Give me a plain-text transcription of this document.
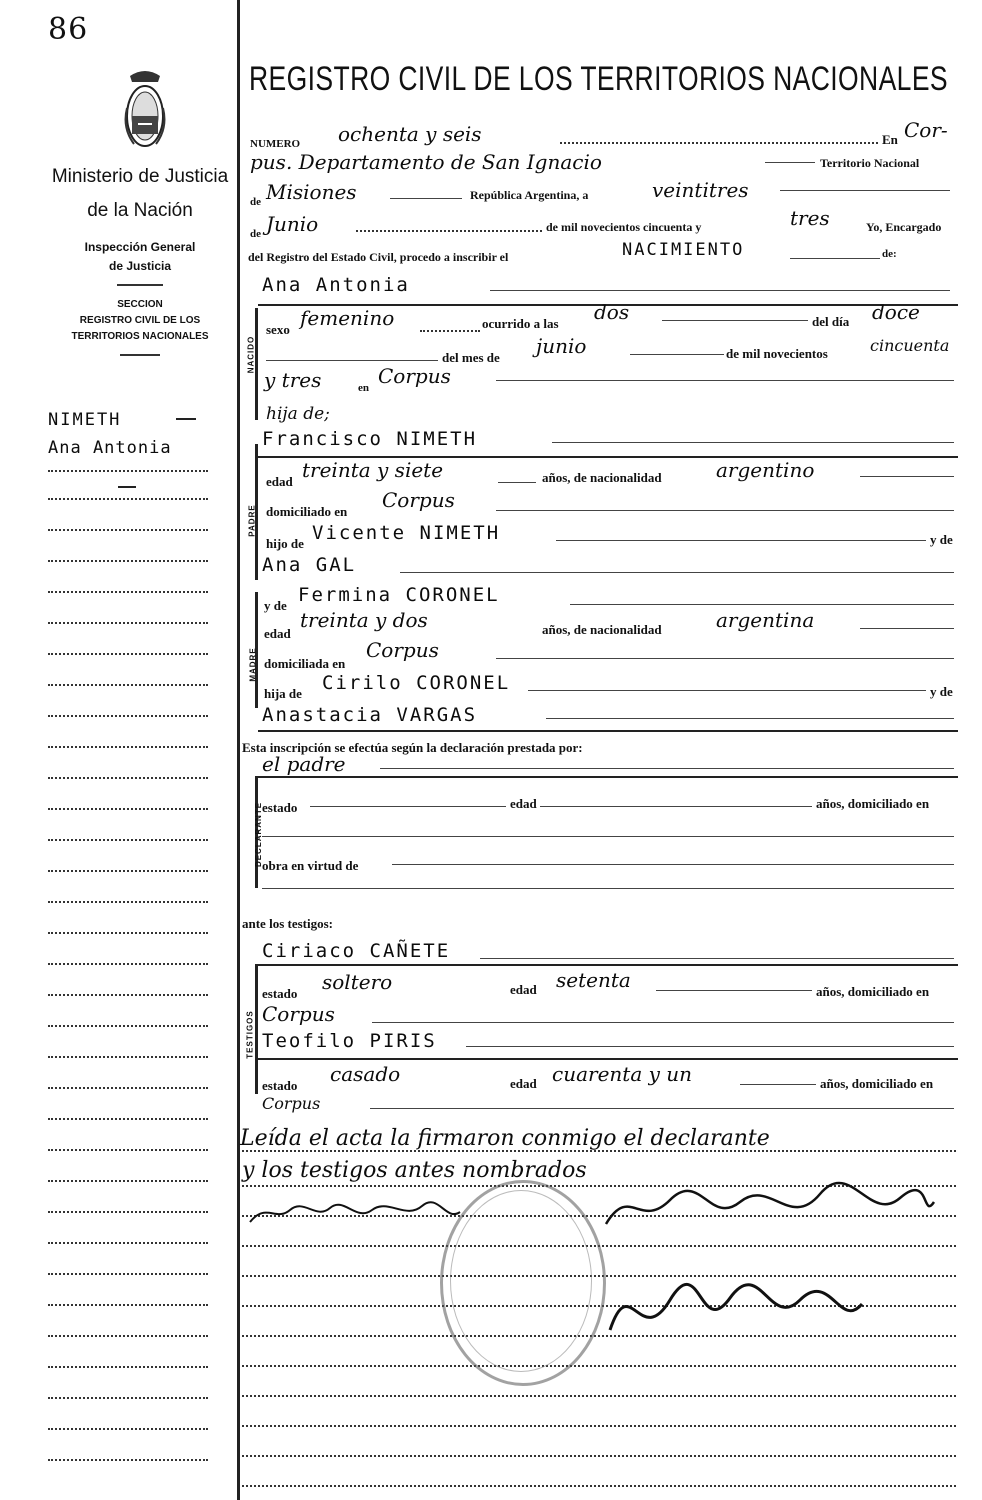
86
Ministerio de Justicia
de la Nación
Inspección General
de Justicia
SECCION
REGISTRO CIVIL DE LOS
TERRITORIOS NACIONALES
NIMETH
Ana Antonia
REGISTRO CIVIL DE LOS TERRITORIOS NACIONALES
NUMERO ochenta y seis	En Cor-
pus. Departamento de San Ignacio	Territorio Nacional
de Misiones	República Argentina, a	veintitres
de Junio	de mil novecientos cincuenta y	tres	Yo, Encargado
del Registro del Estado Civil, procedo a inscribir el	NACIMIENTO	de:
NACIDO
Ana Antonia
sexo femenino	ocurrido a las dos	del día doce
del mes de junio	de mil novecientos	cincuenta
y tres	en Corpus
hija de;
PADRE
Francisco NIMETH
edad treinta y siete	años, de nacionalidad	argentino
domiciliado en Corpus
hijo de Vicente NIMETH	y de
Ana GAL
MADRE
y de Fermina CORONEL
edad
treinta y dos	años, de nacionalidad	argentina
domiciliada en
Corpus
hija de Cirilo CORONEL	y de
Anastacia VARGAS
Esta inscripción se efectúa según la declaración prestada por:
el padre
DECLARANTE
estado	edad	años, domiciliado en
obra en virtud de
ante los testigos:
TESTIGOS
Ciriaco CAÑETE
estado soltero	edad setenta	años, domiciliado en
Corpus
Teofilo PIRIS
estado casado	edad cuarenta y un	años, domiciliado en
Corpus
Leída el acta la firmaron conmigo el declarante
y los testigos antes nombrados
